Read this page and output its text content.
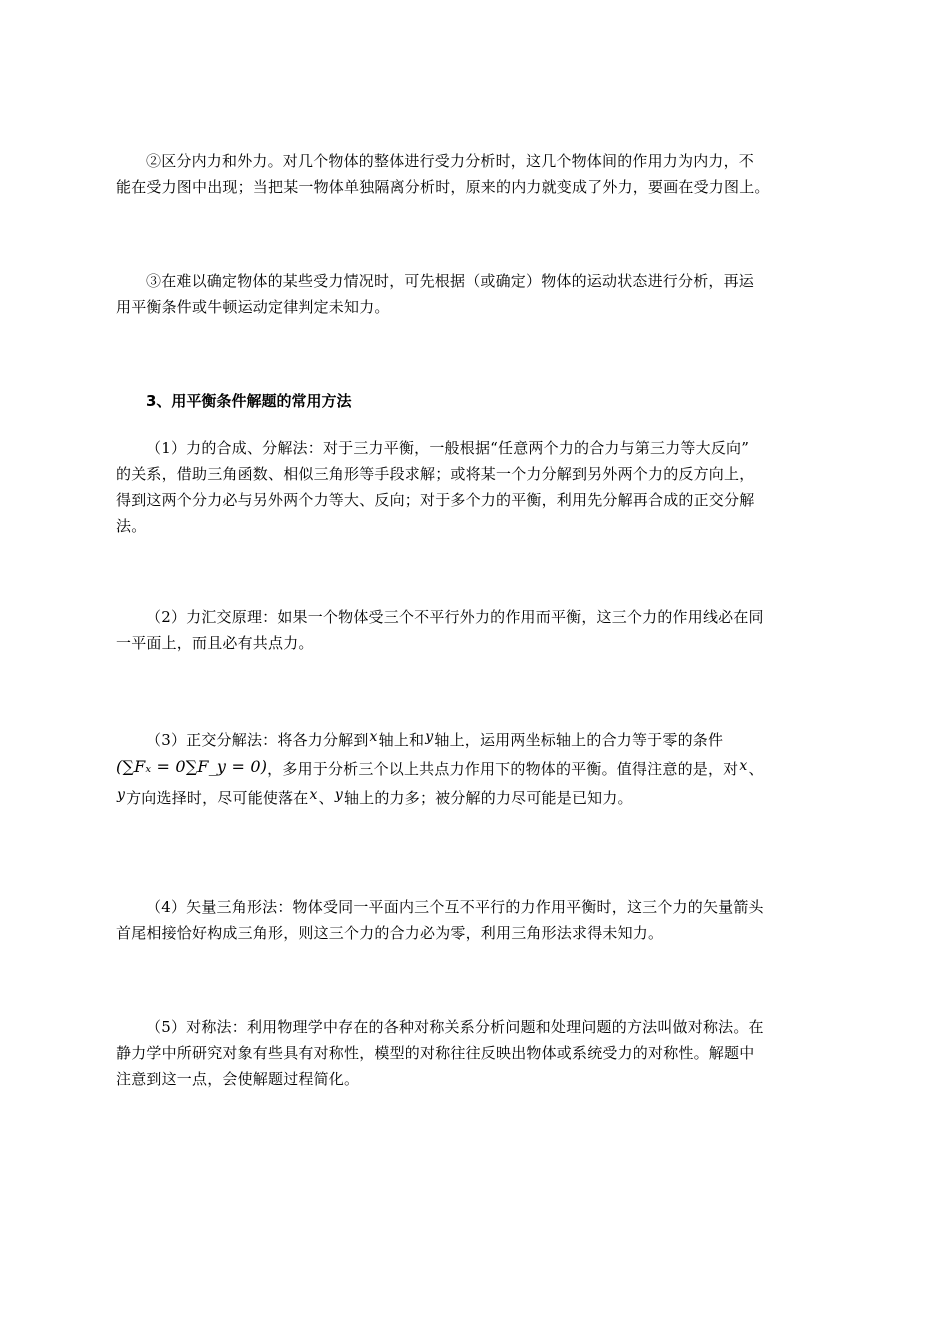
②区分内力和外力。对几个物体的整体进行受力分析时，这几个物体间的作用力为内力，不
能在受力图中出现；当把某一物体单独隔离分析时，原来的内力就变成了外力，要画在受力图上。
③在难以确定物体的某些受力情况时，可先根据（或确定）物体的运动状态进行分析，再运
用平衡条件或牛顿运动定律判定未知力。
3、用平衡条件解题的常用方法
（1）力的合成、分解法：对于三力平衡，一般根据“任意两个力的合力与第三力等大反向”
的关系，借助三角函数、相似三角形等手段求解；或将某一个力分解到另外两个力的反方向上，
得到这两个分力必与另外两个力等大、反向；对于多个力的平衡，利用先分解再合成的正交分解
法。
（2）力汇交原理：如果一个物体受三个不平行外力的作用而平衡，这三个力的作用线必在同
一平面上，而且必有共点力。
（3）正交分解法：将各力分解到x轴上和y轴上，运用两坐标轴上的合力等于零的条件
(∑Fₓ = 0∑F_y = 0)，多用于分析三个以上共点力作用下的物体的平衡。值得注意的是，对x、
y方向选择时，尽可能使落在x、y轴上的力多；被分解的力尽可能是已知力。
（4）矢量三角形法：物体受同一平面内三个互不平行的力作用平衡时，这三个力的矢量箭头
首尾相接恰好构成三角形，则这三个力的合力必为零，利用三角形法求得未知力。
（5）对称法：利用物理学中存在的各种对称关系分析问题和处理问题的方法叫做对称法。在
静力学中所研究对象有些具有对称性，模型的对称往往反映出物体或系统受力的对称性。解题中
注意到这一点，会使解题过程简化。
